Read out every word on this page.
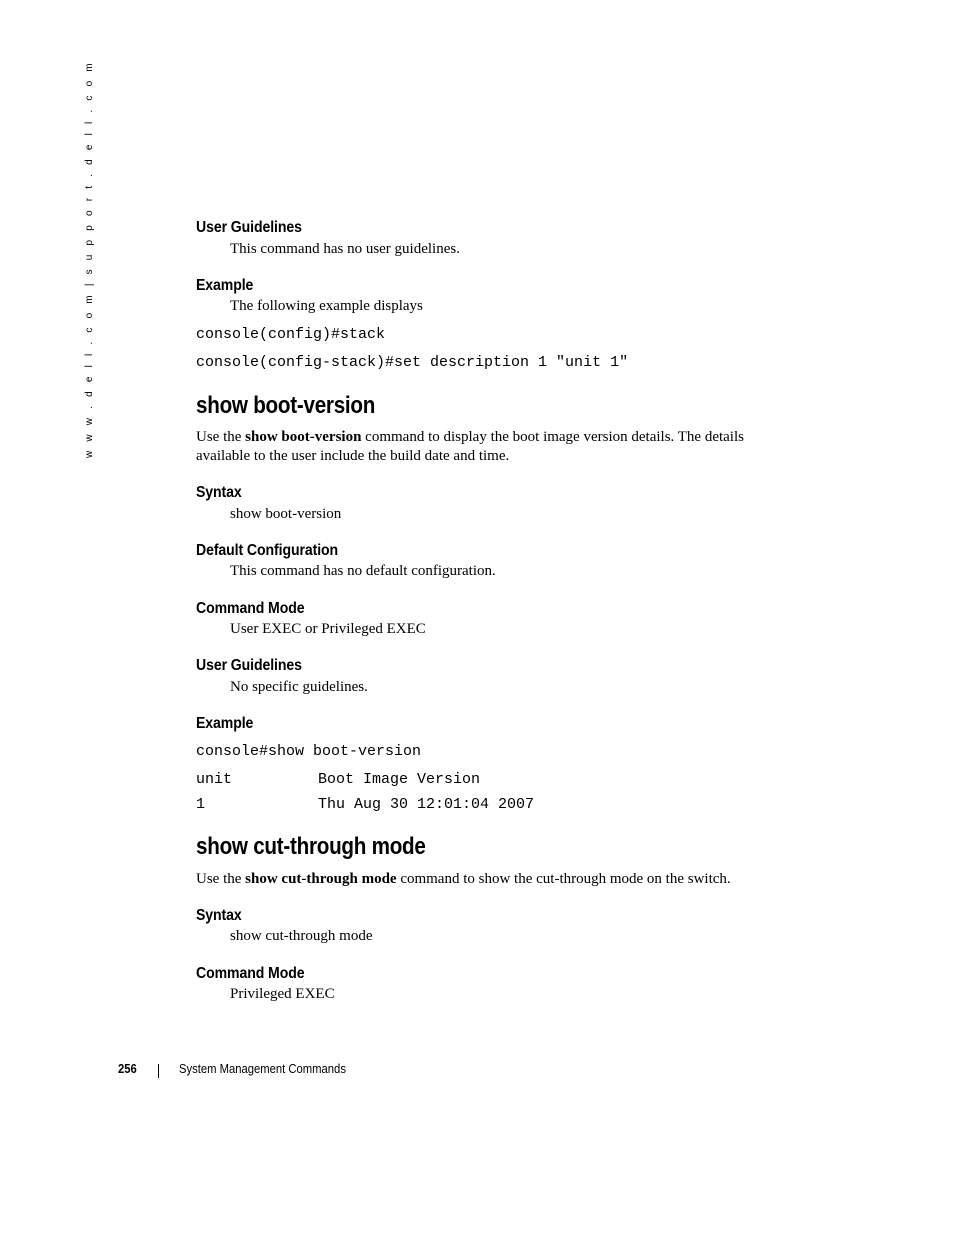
w w w . d e l l . c o m | s u p p o r t . d e l l . c o m	User Guidelines
This command has no user guidelines.
Example
The following example displays
console(config)#stack
console(config-stack)#set description 1 "unit 1"
show boot-version
Use the show boot-version command to display the boot image version details. The details available to the user include the build date and time.
Syntax
show boot-version
Default Configuration
This command has no default configuration.
Command Mode
User EXEC or Privileged EXEC
User Guidelines
No specific guidelines.
Example
console#show boot-version
unit	Boot Image Version
1	Thu Aug 30 12:01:04 2007
show cut-through mode
Use the show cut-through mode command to show the cut-through mode on the switch.
Syntax
show cut-through mode
Command Mode
Privileged EXEC
256	System Management Commands
